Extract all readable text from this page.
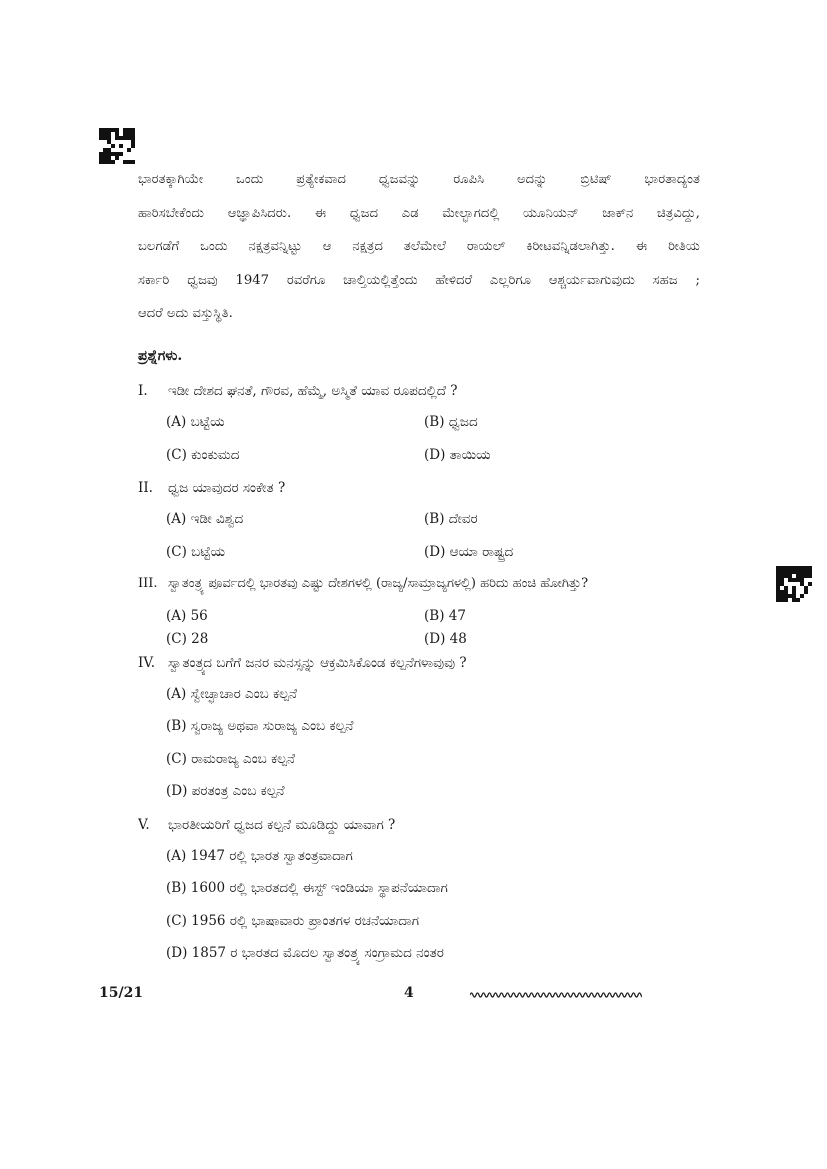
ಭಾರತಕ್ಕಾಗಿಯೇ ಒಂದು ಪ್ರತ್ಯೇಕವಾದ ಧ್ವಜವನ್ನು ರೂಪಿಸಿ ಅದನ್ನು ಬ್ರಿಟಿಷ್ ಭಾರತಾದ್ಯಂತ
ಹಾರಿಸಬೇಕೆಂದು ಆಜ್ಞಾಪಿಸಿದರು. ಈ ಧ್ವಜದ ಎಡ ಮೇಲ್ಭಾಗದಲ್ಲಿ ಯೂನಿಯನ್ ಜಾಕ್‌ನ ಚಿತ್ರವಿದ್ದು,
ಬಲಗಡೆಗೆ ಒಂದು ನಕ್ಷತ್ರವನ್ನಿಟ್ಟು ಆ ನಕ್ಷತ್ರದ ತಲೆಮೇಲೆ ರಾಯಲ್ ಕಿರೀಟವನ್ನಿಡಲಾಗಿತ್ತು. ಈ ರೀತಿಯ
ಸರ್ಕಾರಿ ಧ್ವಜವು 1947 ರವರೆಗೂ ಚಾಲ್ತಿಯಲ್ಲಿತ್ತೆಂದು ಹೇಳಿದರೆ ಎಲ್ಲರಿಗೂ ಆಶ್ಚರ್ಯವಾಗುವುದು ಸಹಜ ;
ಆದರೆ ಅದು ವಸ್ತುಸ್ಥಿತಿ.
ಪ್ರಶ್ನೆಗಳು.
I. ಇಡೀ ದೇಶದ ಘನತೆ, ಗೌರವ, ಹೆಮ್ಮೆ, ಅಸ್ಮಿತೆ ಯಾವ ರೂಪದಲ್ಲಿದೆ ?
(A) ಬಟ್ಟೆಯ	(B) ಧ್ವಜದ
(C) ಕುಂಕುಮದ	(D) ತಾಯಿಯ
II. ಧ್ವಜ ಯಾವುದರ ಸಂಕೇತ ?
(A) ಇಡೀ ವಿಶ್ವದ	(B) ದೇವರ
(C) ಬಟ್ಟೆಯ	(D) ಆಯಾ ರಾಷ್ಟ್ರದ
III. ಸ್ವಾತಂತ್ರ್ಯ ಪೂರ್ವದಲ್ಲಿ ಭಾರತವು ಎಷ್ಟು ದೇಶಗಳಲ್ಲಿ (ರಾಜ್ಯ/ಸಾಮ್ರಾಜ್ಯಗಳಲ್ಲಿ) ಹರಿದು ಹಂಚಿ ಹೋಗಿತ್ತು?
(A) 56	(B) 47
(C) 28	(D) 48
IV. ಸ್ವಾತಂತ್ರ್ಯದ ಬಗೆಗೆ ಜನರ ಮನಸ್ಸನ್ನು ಆಕ್ರಮಿಸಿಕೊಂಡ ಕಲ್ಪನೆಗಳಾವುವು ?
(A) ಸ್ವೇಚ್ಛಾಚಾರ ಎಂಬ ಕಲ್ಪನೆ
(B) ಸ್ವರಾಜ್ಯ ಅಥವಾ ಸುರಾಜ್ಯ ಎಂಬ ಕಲ್ಪನೆ
(C) ರಾಮರಾಜ್ಯ ಎಂಬ ಕಲ್ಪನೆ
(D) ಪರತಂತ್ರ ಎಂಬ ಕಲ್ಪನೆ
V. ಭಾರತೀಯರಿಗೆ ಧ್ವಜದ ಕಲ್ಪನೆ ಮೂಡಿದ್ದು ಯಾವಾಗ ?
(A) 1947 ರಲ್ಲಿ ಭಾರತ ಸ್ವಾತಂತ್ರವಾದಾಗ
(B) 1600 ರಲ್ಲಿ ಭಾರತದಲ್ಲಿ ಈಸ್ಟ್ ಇಂಡಿಯಾ ಸ್ಥಾಪನೆಯಾದಾಗ
(C) 1956 ರಲ್ಲಿ ಭಾಷಾವಾರು ಪ್ರಾಂತಗಳ ರಚನೆಯಾದಾಗ
(D) 1857 ರ ಭಾರತದ ಮೊದಲ ಸ್ವಾತಂತ್ರ್ಯ ಸಂಗ್ರಾಮದ ನಂತರ
15/21	4
